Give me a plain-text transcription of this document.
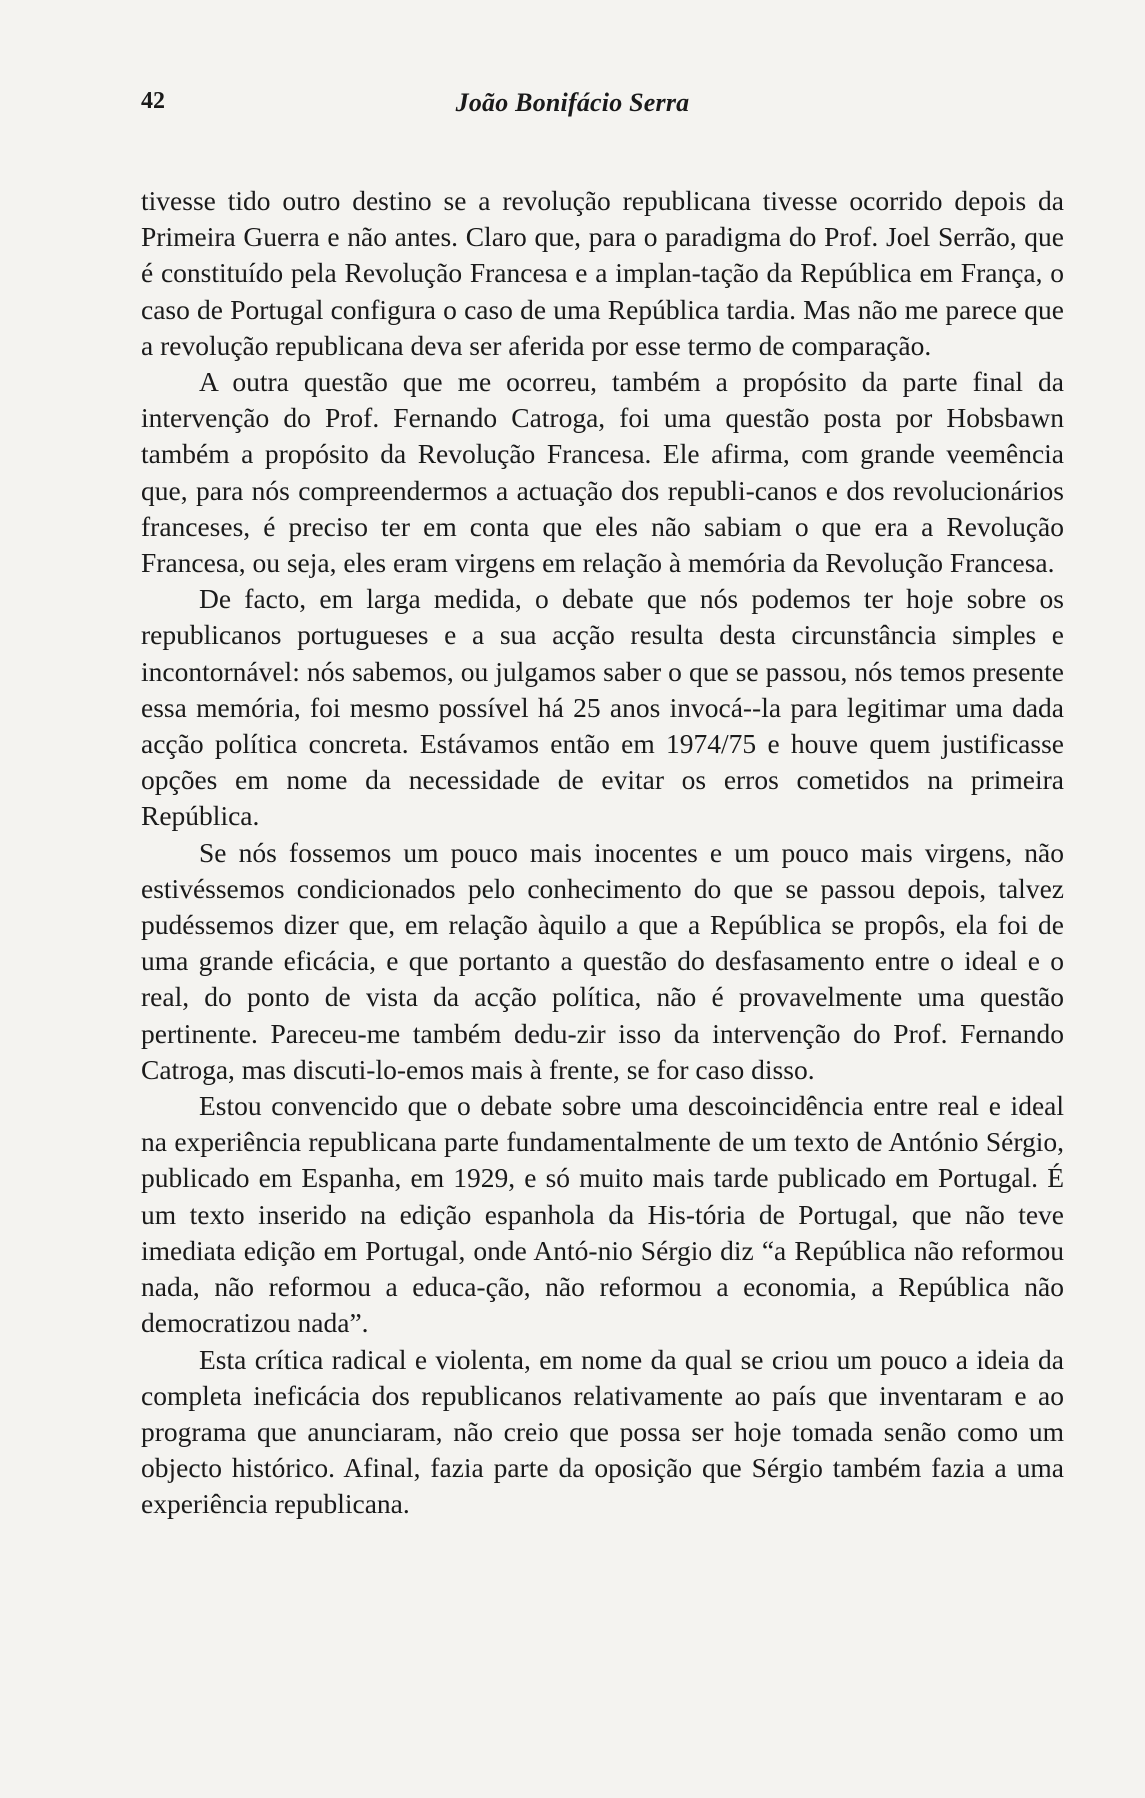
42	João Bonifácio Serra

tivesse tido outro destino se a revolução republicana tivesse ocorrido depois da Primeira Guerra e não antes. Claro que, para o paradigma do Prof. Joel Serrão, que é constituído pela Revolução Francesa e a implan-tação da República em França, o caso de Portugal configura o caso de uma República tardia. Mas não me parece que a revolução republicana deva ser aferida por esse termo de comparação.

A outra questão que me ocorreu, também a propósito da parte final da intervenção do Prof. Fernando Catroga, foi uma questão posta por Hobsbawn também a propósito da Revolução Francesa. Ele afirma, com grande veemência que, para nós compreendermos a actuação dos republi-canos e dos revolucionários franceses, é preciso ter em conta que eles não sabiam o que era a Revolução Francesa, ou seja, eles eram virgens em relação à memória da Revolução Francesa.

De facto, em larga medida, o debate que nós podemos ter hoje sobre os republicanos portugueses e a sua acção resulta desta circunstância simples e incontornável: nós sabemos, ou julgamos saber o que se passou, nós temos presente essa memória, foi mesmo possível há 25 anos invocá--la para legitimar uma dada acção política concreta. Estávamos então em 1974/75 e houve quem justificasse opções em nome da necessidade de evitar os erros cometidos na primeira República.

Se nós fossemos um pouco mais inocentes e um pouco mais virgens, não estivéssemos condicionados pelo conhecimento do que se passou depois, talvez pudéssemos dizer que, em relação àquilo a que a República se propôs, ela foi de uma grande eficácia, e que portanto a questão do desfasamento entre o ideal e o real, do ponto de vista da acção política, não é provavelmente uma questão pertinente. Pareceu-me também dedu-zir isso da intervenção do Prof. Fernando Catroga, mas discuti-lo-emos mais à frente, se for caso disso.

Estou convencido que o debate sobre uma descoincidência entre real e ideal na experiência republicana parte fundamentalmente de um texto de António Sérgio, publicado em Espanha, em 1929, e só muito mais tarde publicado em Portugal. É um texto inserido na edição espanhola da His-tória de Portugal, que não teve imediata edição em Portugal, onde Antó-nio Sérgio diz “a República não reformou nada, não reformou a educa-ção, não reformou a economia, a República não democratizou nada”.

Esta crítica radical e violenta, em nome da qual se criou um pouco a ideia da completa ineficácia dos republicanos relativamente ao país que inventaram e ao programa que anunciaram, não creio que possa ser hoje tomada senão como um objecto histórico. Afinal, fazia parte da oposição que Sérgio também fazia a uma experiência republicana.
